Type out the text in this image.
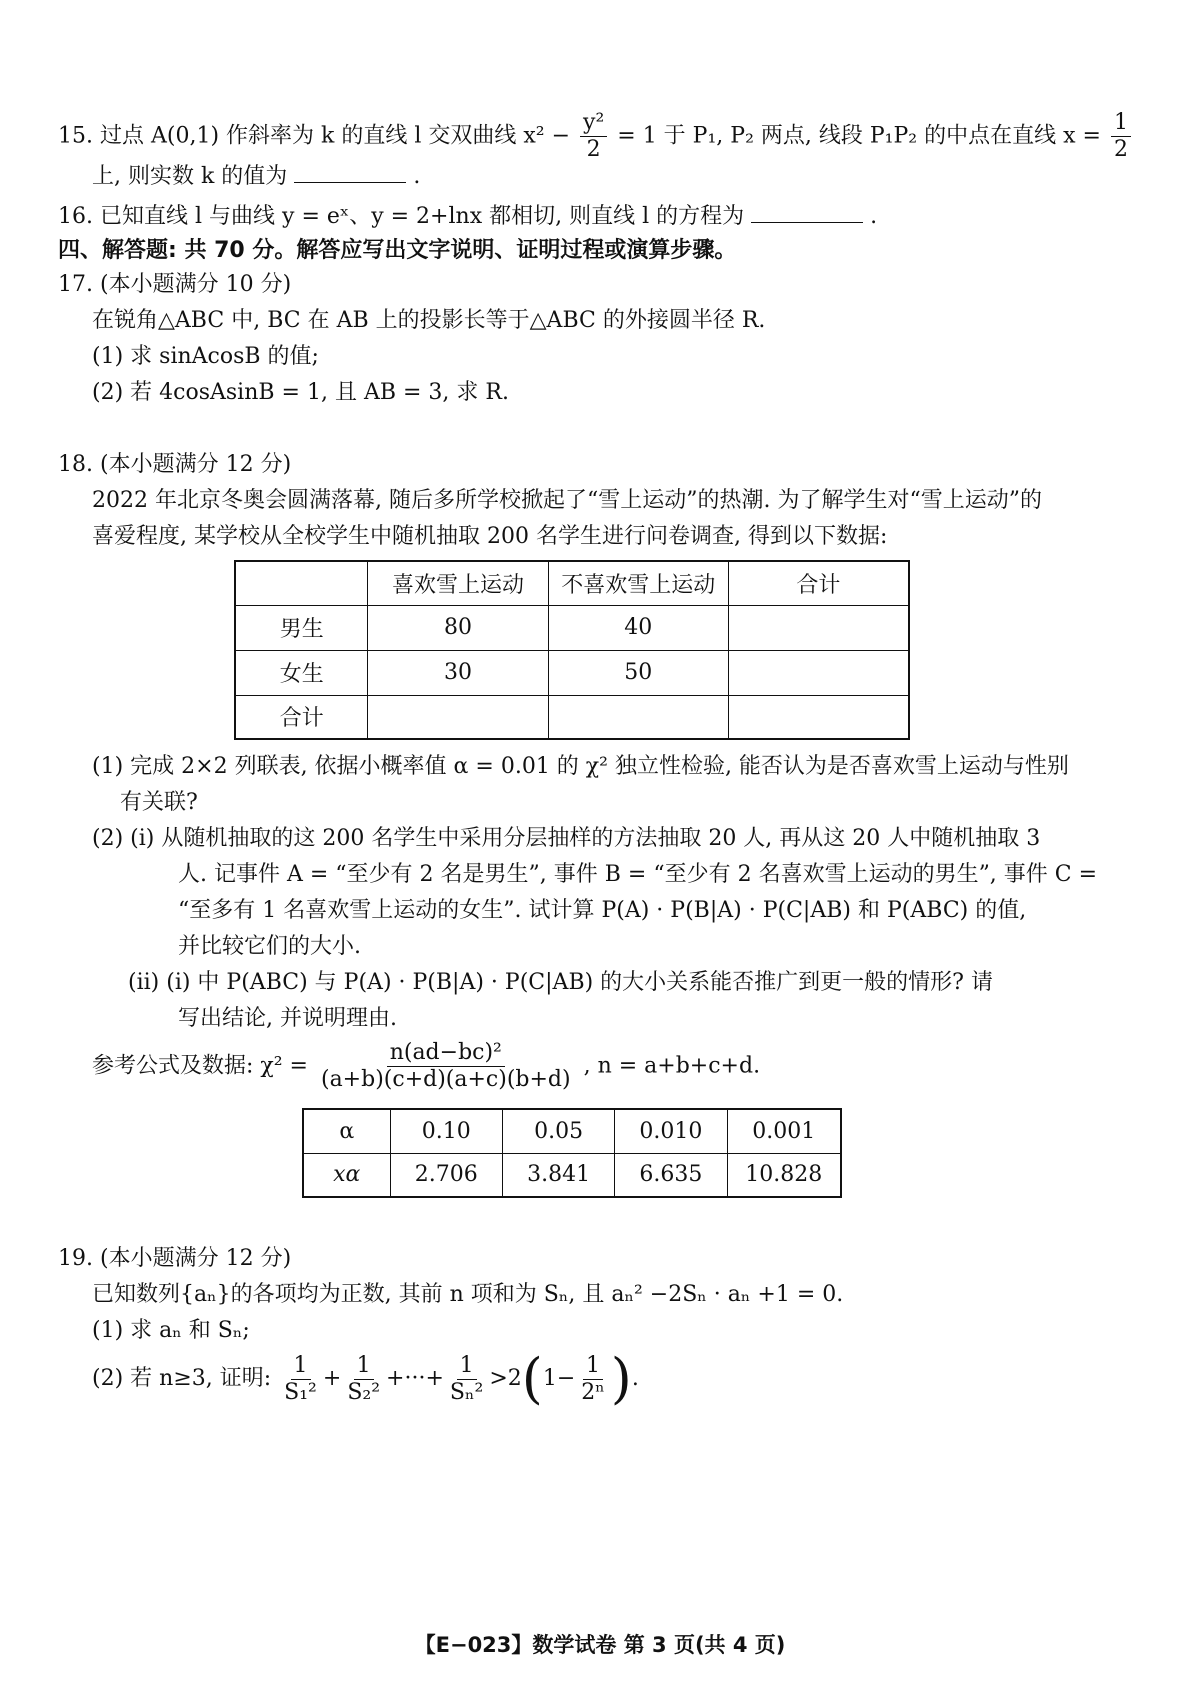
15. 过点 A(0,1) 作斜率为 k 的直线 l 交双曲线 $x^2 - \frac{\text{y²}}{2} = 1$ 于 P₁, P₂ 两点, 线段 P₁P₂ 的中点在直线 $x = \frac{1}{2}$
上, 则实数 k 的值为	.
16. 已知直线 l 与曲线 y = eˣ、y = 2+lnx 都相切, 则直线 l 的方程为	.
四、解答题: 共 70 分。解答应写出文字说明、证明过程或演算步骤。
17. (本小题满分 10 分)
在锐角△ABC 中, BC 在 AB 上的投影长等于△ABC 的外接圆半径 R.
(1) 求 sinAcosB 的值;
(2) 若 4cosAsinB = 1, 且 AB = 3, 求 R.
18. (本小题满分 12 分)
2022 年北京冬奥会圆满落幕, 随后多所学校掀起了“雪上运动”的热潮. 为了解学生对“雪上运动”的
喜爱程度, 某学校从全校学生中随机抽取 200 名学生进行问卷调查, 得到以下数据:
	喜欢雪上运动	不喜欢雪上运动	合计
男生	80	40	
女生	30	50	
合计			
(1) 完成 2×2 列联表, 依据小概率值 α = 0.01 的 χ² 独立性检验, 能否认为是否喜欢雪上运动与性别
有关联?
(2) (ⅰ) 从随机抽取的这 200 名学生中采用分层抽样的方法抽取 20 人, 再从这 20 人中随机抽取 3
人. 记事件 A = “至少有 2 名是男生”, 事件 B = “至少有 2 名喜欢雪上运动的男生”, 事件 C =
“至多有 1 名喜欢雪上运动的女生”. 试计算 P(A) · P(B|A) · P(C|AB) 和 P(ABC) 的值,
并比较它们的大小.
(ⅱ) (ⅰ) 中 P(ABC) 与 P(A) · P(B|A) · P(C|AB) 的大小关系能否推广到更一般的情形? 请
写出结论, 并说明理由.
参考公式及数据: $\chi^2 = \frac{\text{n(ad−bc)²}}{(a+b)(c+d)(a+c)(b+d)}$ , n = a+b+c+d.
α	0.10	0.05	0.010	0.001
xα	2.706	3.841	6.635	10.828
19. (本小题满分 12 分)
已知数列{aₙ}的各项均为正数, 其前 n 项和为 Sₙ, 且 aₙ² −2Sₙ · aₙ +1 = 0.
(1) 求 aₙ 和 Sₙ;
(2) 若 n≥3, 证明: $\frac{1}{\text{S₁²}} + \frac{1}{\text{S₂²}}$ +···+ $\frac{1}{\text{Sₙ²}} >2(1- \frac{1}{\text{2ⁿ}}$ ).
【E−023】数学试卷 第 3 页(共 4 页)
